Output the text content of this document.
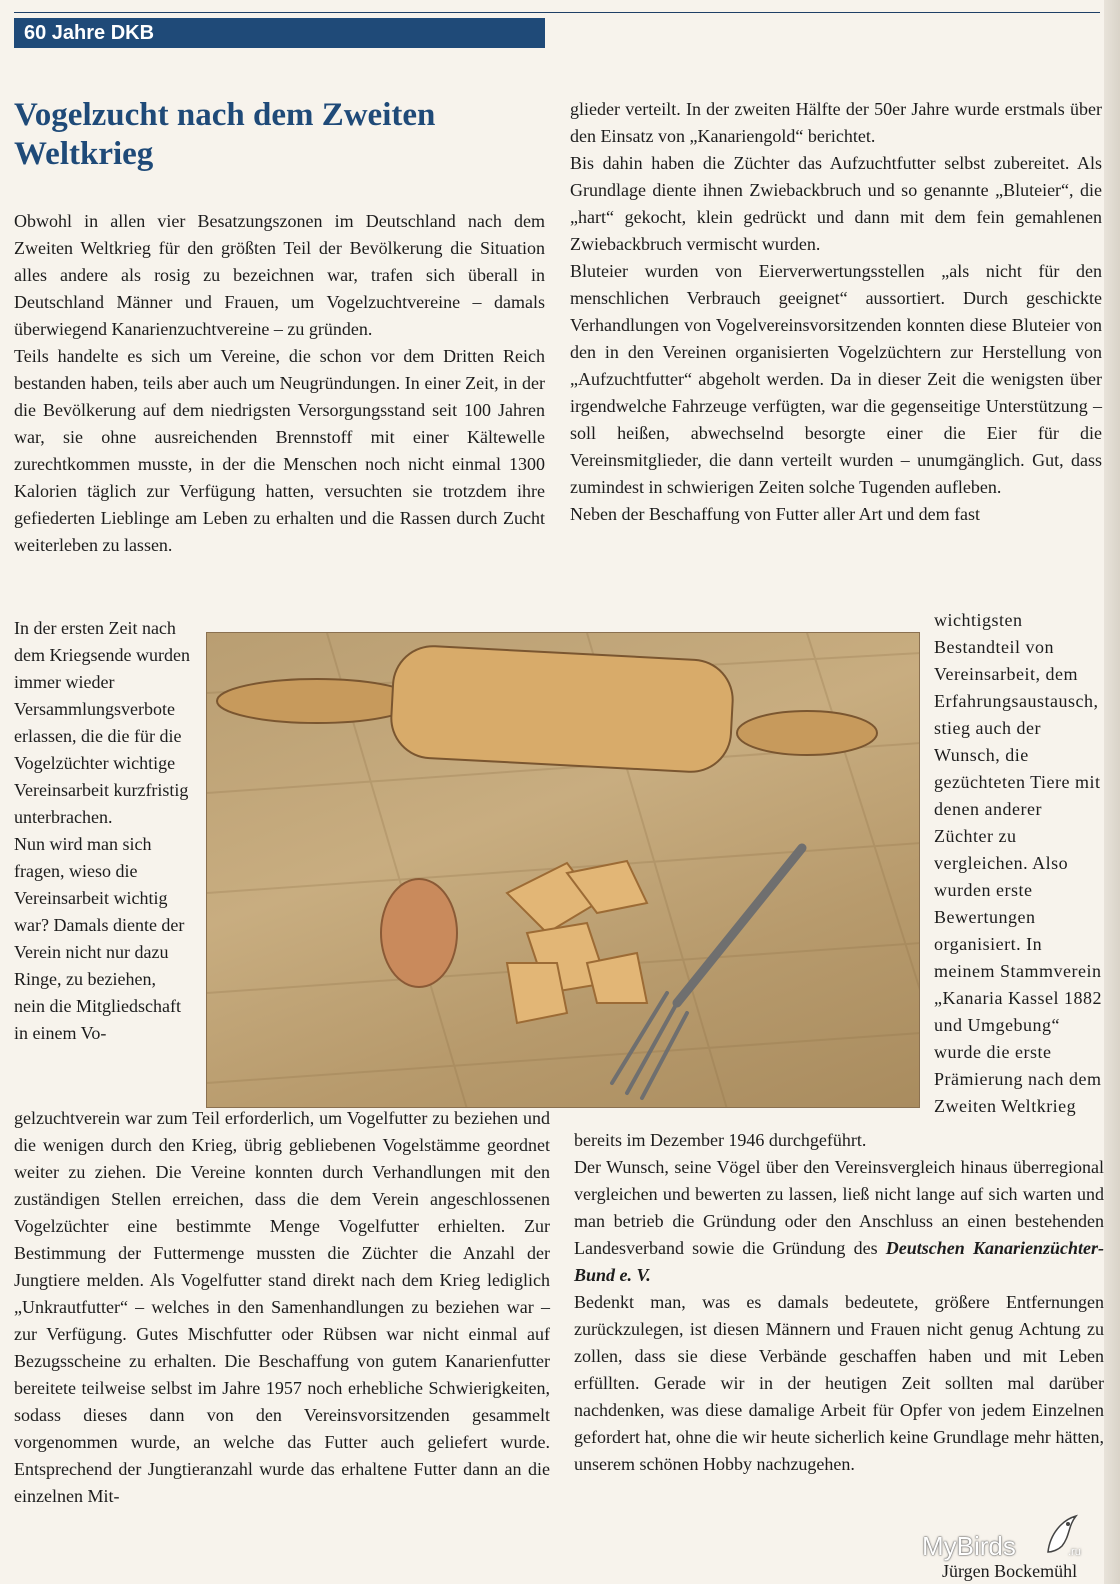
60 Jahre DKB
Vogelzucht nach dem Zweiten Weltkrieg

Obwohl in allen vier Besatzungszonen im Deutschland nach dem Zweiten Weltkrieg für den größten Teil der Bevölkerung die Situation alles andere als rosig zu bezeichnen war, trafen sich überall in Deutschland Männer und Frauen, um Vogelzuchtvereine – damals überwiegend Kanarienzuchtvereine – zu gründen.

Teils handelte es sich um Vereine, die schon vor dem Dritten Reich bestanden haben, teils aber auch um Neugründungen. In einer Zeit, in der die Bevölkerung auf dem niedrigsten Versorgungsstand seit 100 Jahren war, sie ohne ausreichenden Brennstoff mit einer Kältewelle zurechtkommen musste, in der die Menschen noch nicht einmal 1300 Kalorien täglich zur Verfügung hatten, versuchten sie trotzdem ihre gefiederten Lieblinge am Leben zu erhalten und die Rassen durch Zucht weiterleben zu lassen.

In der ersten Zeit nach dem Kriegsende wurden immer wieder Versammlungsverbote erlassen, die die für die Vogelzüchter wichtige Vereinsarbeit kurzfristig unterbrachen.

Nun wird man sich fragen, wieso die Vereinsarbeit wichtig war? Damals diente der Verein nicht nur dazu Ringe, zu beziehen, nein die Mitgliedschaft in einem Vo-

gelzuchtverein war zum Teil erforderlich, um Vogelfutter zu beziehen und die wenigen durch den Krieg, übrig gebliebenen Vogelstämme geordnet weiter zu ziehen. Die Vereine konnten durch Verhandlungen mit den zuständigen Stellen erreichen, dass die dem Verein angeschlossenen Vogelzüchter eine bestimmte Menge Vogelfutter erhielten. Zur Bestimmung der Futtermenge mussten die Züchter die Anzahl der Jungtiere melden. Als Vogelfutter stand direkt nach dem Krieg lediglich „Unkrautfutter“ – welches in den Samenhandlungen zu beziehen war – zur Verfügung. Gutes Mischfutter oder Rübsen war nicht einmal auf Bezugsscheine zu erhalten. Die Beschaffung von gutem Kanarienfutter bereitete teilweise selbst im Jahre 1957 noch erhebliche Schwierigkeiten, sodass dieses dann von den Vereinsvorsitzenden gesammelt vorgenommen wurde, an welche das Futter auch geliefert wurde. Entsprechend der Jungtieranzahl wurde das erhaltene Futter dann an die einzelnen Mit-

glieder verteilt. In der zweiten Hälfte der 50er Jahre wurde erstmals über den Einsatz von „Kanariengold“ berichtet.

Bis dahin haben die Züchter das Aufzuchtfutter selbst zubereitet. Als Grundlage diente ihnen Zwiebackbruch und so genannte „Bluteier“, die „hart“ gekocht, klein gedrückt und dann mit dem fein gemahlenen Zwiebackbruch vermischt wurden.

Bluteier wurden von Eierverwertungsstellen „als nicht für den menschlichen Verbrauch geeignet“ aussortiert. Durch geschickte Verhandlungen von Vogelvereinsvorsitzenden konnten diese Bluteier von den in den Vereinen organisierten Vogelzüchtern zur Herstellung von „Aufzuchtfutter“ abgeholt werden. Da in dieser Zeit die wenigsten über irgendwelche Fahrzeuge verfügten, war die gegenseitige Unterstützung – soll heißen, abwechselnd besorgte einer die Eier für die Vereinsmitglieder, die dann verteilt wurden – unumgänglich. Gut, dass zumindest in schwierigen Zeiten solche Tugenden aufleben.

Neben der Beschaffung von Futter aller Art und dem fast

wichtigsten Bestandteil von Vereinsarbeit, dem Erfahrungsaustausch, stieg auch der Wunsch, die gezüchteten Tiere mit denen anderer Züchter zu vergleichen. Also wurden erste Bewertungen organisiert. In meinem Stammverein „Kanaria Kassel 1882 und Umgebung“ wurde die erste Prämierung nach dem Zweiten Weltkrieg

bereits im Dezember 1946 durchgeführt.

Der Wunsch, seine Vögel über den Vereinsvergleich hinaus überregional vergleichen und bewerten zu lassen, ließ nicht lange auf sich warten und man betrieb die Gründung oder den Anschluss an einen bestehenden Landesverband sowie die Gründung des Deutschen Kanarienzüchter-Bund e. V.

Bedenkt man, was es damals bedeutete, größere Entfernungen zurückzulegen, ist diesen Männern und Frauen nicht genug Achtung zu zollen, dass sie diese Verbände geschaffen haben und mit Leben erfüllten. Gerade wir in der heutigen Zeit sollten mal darüber nachdenken, was diese damalige Arbeit für Opfer von jedem Einzelnen gefordert hat, ohne die wir heute sicherlich keine Grundlage mehr hätten, unserem schönen Hobby nachzugehen.

MyBirds	.ru
Jürgen Bockemühl
